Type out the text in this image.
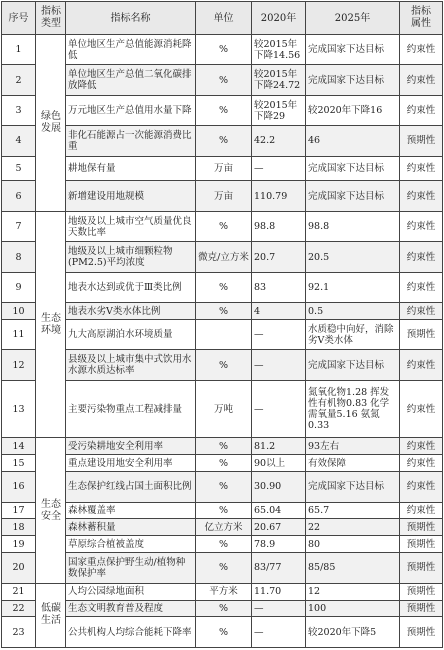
序号	指标类型	指标名称	单位	2020年	2025年	指标属性
1	绿色发展	单位地区生产总值能源消耗降低	%	较2015年下降14.56	完成国家下达目标	约束性
2		单位地区生产总值二氧化碳排放降低	%	较2015年下降24.72	完成国家下达目标	约束性
3		万元地区生产总值用水量下降	%	较2015年下降29	较2020年下降16	约束性
4		非化石能源占一次能源消费比重	%	42.2	46	预期性
5		耕地保有量	万亩	—	完成国家下达目标	约束性
6		新增建设用地规模	万亩	110.79	完成国家下达目标	约束性
7	生态环境	地级及以上城市空气质量优良天数比率	%	98.8	98.8	约束性
8		地级及以上城市细颗粒物(PM2.5)平均浓度	微克/立方米	20.7	20.5	约束性
9		地表水达到或优于Ⅲ类比例	%	83	92.1	约束性
10		地表水劣Ⅴ类水体比例	%	4	0.5	约束性
11		九大高原湖泊水环境质量		—	水质稳中向好，消除劣Ⅴ类水体	预期性
12		县级及以上城市集中式饮用水水源水质达标率	%	—	完成国家下达目标	约束性
13		主要污染物重点工程减排量	万吨	—	氮氧化物1.28 挥发性有机物0.83 化学需氧量5.16 氨氮0.33	约束性
14	生态安全	受污染耕地安全利用率	%	81.2	93左右	约束性
15		重点建设用地安全利用率	%	90以上	有效保障	约束性
16		生态保护红线占国土面积比例	%	30.90	完成国家下达目标	约束性
17		森林覆盖率	%	65.04	65.7	约束性
18		森林蓄积量	亿立方米	20.67	22	预期性
19		草原综合植被盖度	%	78.9	80	预期性
20		国家重点保护野生动/植物种数保护率	%	83/77	85/85	预期性
21	低碳生活	人均公园绿地面积	平方米	11.70	12	预期性
22		生态文明教育普及程度	%	—	100	预期性
23		公共机构人均综合能耗下降率	%	—	较2020年下降5	预期性
